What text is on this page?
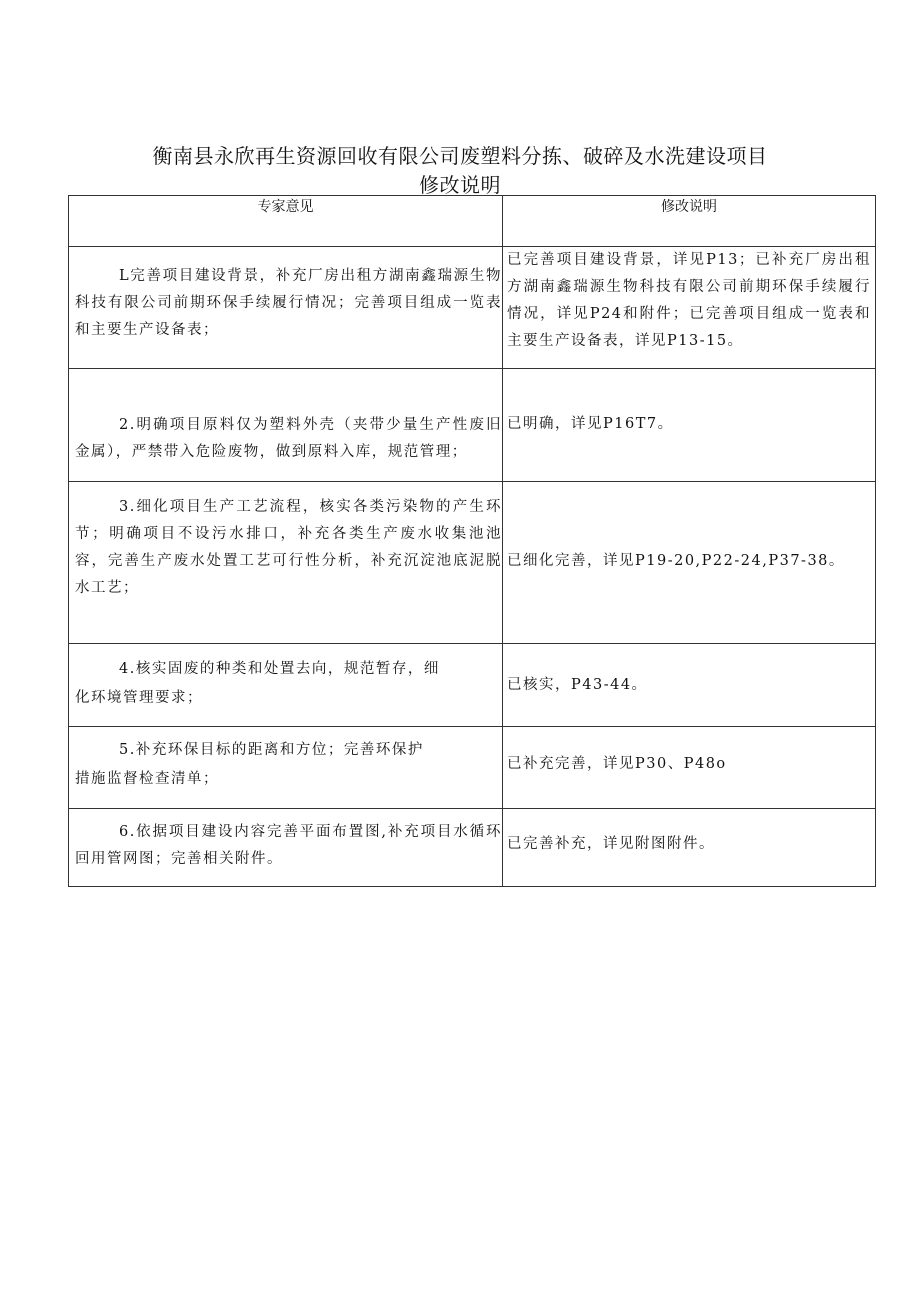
衡南县永欣再生资源回收有限公司废塑料分拣、破碎及水洗建设项目
修改说明
专家意见	修改说明

L完善项目建设背景，补充厂房出租方湖南鑫瑞源生物科技有限公司前期环保手续履行情况；完善项目组成一览表和主要生产设备表；	已完善项目建设背景，详见P13；已补充厂房出租方湖南鑫瑞源生物科技有限公司前期环保手续履行情况，详见P24和附件；已完善项目组成一览表和主要生产设备表，详见P13-15。

2.明确项目原料仅为塑料外壳（夹带少量生产性废旧金属），严禁带入危险废物，做到原料入库，规范管理；	已明确，详见P16T7。

3.细化项目生产工艺流程，核实各类污染物的产生环节；明确项目不设污水排口，补充各类生产废水收集池池容，完善生产废水处置工艺可行性分析，补充沉淀池底泥脱水工艺；	已细化完善，详见P19-20,P22-24,P37-38。

4.核实固废的种类和处置去向，规范暂存，细
化环境管理要求；	已核实，P43-44。

5.补充环保目标的距离和方位；完善环保护
措施监督检查清单；	已补充完善，详见P30、P48o

6.依据项目建设内容完善平面布置图,补充项目水循环回用管网图；完善相关附件。	已完善补充，详见附图附件。
